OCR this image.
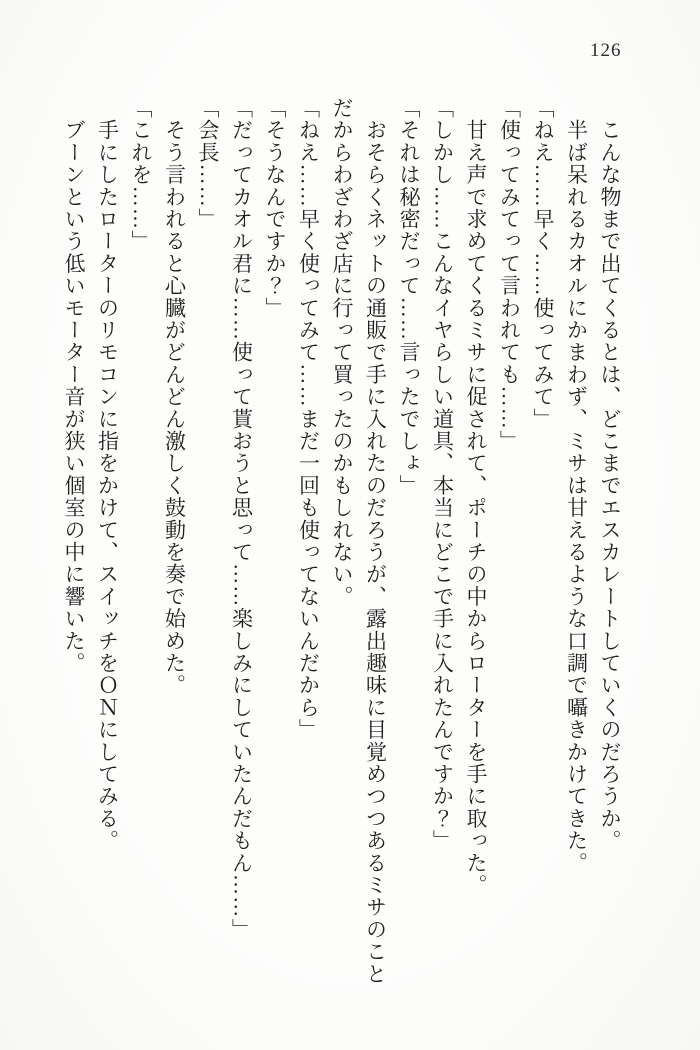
126

　こんな物まで出てくるとは、どこまでエスカレートしていくのだろうか。

　半ば呆れるカオルにかまわず、ミサは甘えるような口調で囁きかけてきた。

「ねえ……早く……使ってみて」

「使ってみてって言われても……」

　甘え声で求めてくるミサに促されて、ポーチの中からローターを手に取った。

「しかし……こんなイヤらしい道具、本当にどこで手に入れたんですか？」

「それは秘密だって……言ったでしょ」

　おそらくネットの通販で手に入れたのだろうが、露出趣味に目覚めつつあるミサのことだからわざわざ店に行って買ったのかもしれない。

「ねえ……早く使ってみて……まだ一回も使ってないんだから」

「そうなんですか？」

「だってカオル君に……使って貰おうと思って……楽しみにしていたんだもん……」

「会長……」

　そう言われると心臓がどんどん激しく鼓動を奏で始めた。

「これを……」

　手にしたローターのリモコンに指をかけて、スイッチをＯＮにしてみる。

　ブーンという低いモーター音が狭い個室の中に響いた。
